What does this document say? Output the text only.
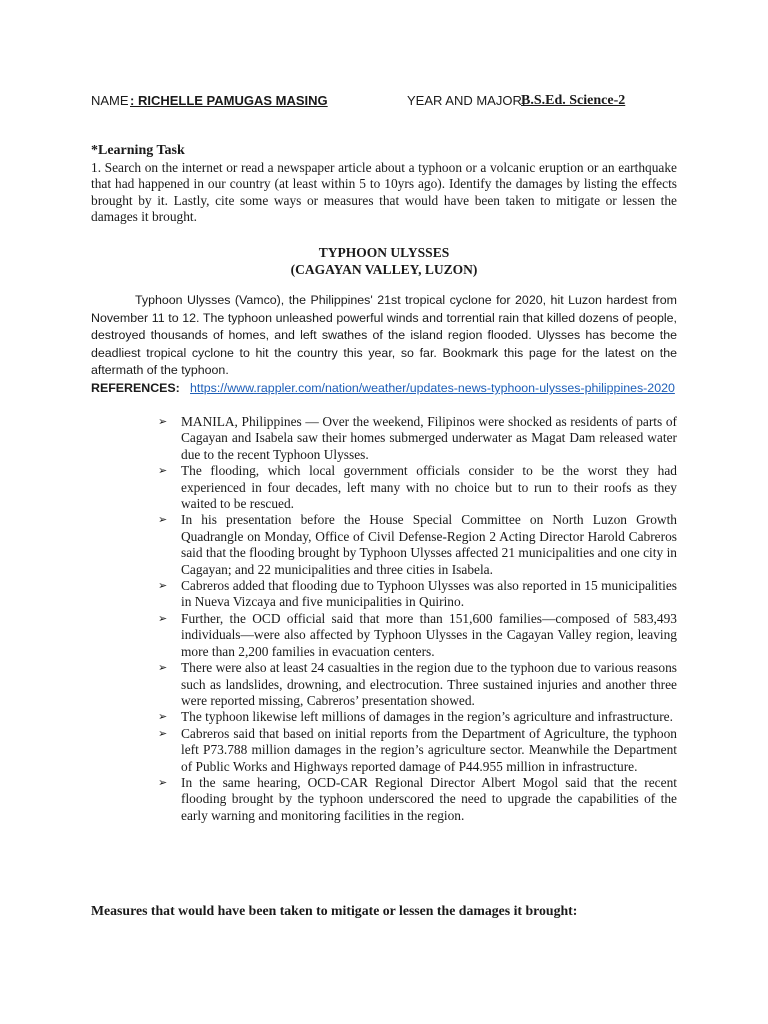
NAME : RICHELLE PAMUGAS MASING	YEAR AND MAJOR:
B.S.Ed. Science-2
*Learning Task
1. Search on the internet or read a newspaper article about a typhoon or a volcanic eruption or an earthquake that had happened in our country (at least within 5 to 10yrs ago). Identify the damages by listing the effects brought by it. Lastly, cite some ways or measures that would have been taken to mitigate or lessen the damages it brought.
TYPHOON ULYSSES
(CAGAYAN VALLEY, LUZON)
Typhoon Ulysses (Vamco), the Philippines' 21st tropical cyclone for 2020, hit Luzon hardest from November 11 to 12. The typhoon unleashed powerful winds and torrential rain that killed dozens of people, destroyed thousands of homes, and left swathes of the island region flooded. Ulysses has become the deadliest tropical cyclone to hit the country this year, so far. Bookmark this page for the latest on the aftermath of the typhoon.
REFERENCES: https://www.rappler.com/nation/weather/updates-news-typhoon-ulysses-philippines-2020
➢ MANILA, Philippines — Over the weekend, Filipinos were shocked as residents of parts of Cagayan and Isabela saw their homes submerged underwater as Magat Dam released water due to the recent Typhoon Ulysses.
➢ The flooding, which local government officials consider to be the worst they had experienced in four decades, left many with no choice but to run to their roofs as they waited to be rescued.
➢ In his presentation before the House Special Committee on North Luzon Growth Quadrangle on Monday, Office of Civil Defense-Region 2 Acting Director Harold Cabreros said that the flooding brought by Typhoon Ulysses affected 21 municipalities and one city in Cagayan; and 22 municipalities and three cities in Isabela.
➢ Cabreros added that flooding due to Typhoon Ulysses was also reported in 15 municipalities in Nueva Vizcaya and five municipalities in Quirino.
➢ Further, the OCD official said that more than 151,600 families—composed of 583,493 individuals—were also affected by Typhoon Ulysses in the Cagayan Valley region, leaving more than 2,200 families in evacuation centers.
➢ There were also at least 24 casualties in the region due to the typhoon due to various reasons such as landslides, drowning, and electrocution. Three sustained injuries and another three were reported missing, Cabreros’ presentation showed.
➢ The typhoon likewise left millions of damages in the region’s agriculture and infrastructure.
➢ Cabreros said that based on initial reports from the Department of Agriculture, the typhoon left P73.788 million damages in the region’s agriculture sector. Meanwhile the Department of Public Works and Highways reported damage of P44.955 million in infrastructure.
➢ In the same hearing, OCD-CAR Regional Director Albert Mogol said that the recent flooding brought by the typhoon underscored the need to upgrade the capabilities of the early warning and monitoring facilities in the region.
Measures that would have been taken to mitigate or lessen the damages it brought:
